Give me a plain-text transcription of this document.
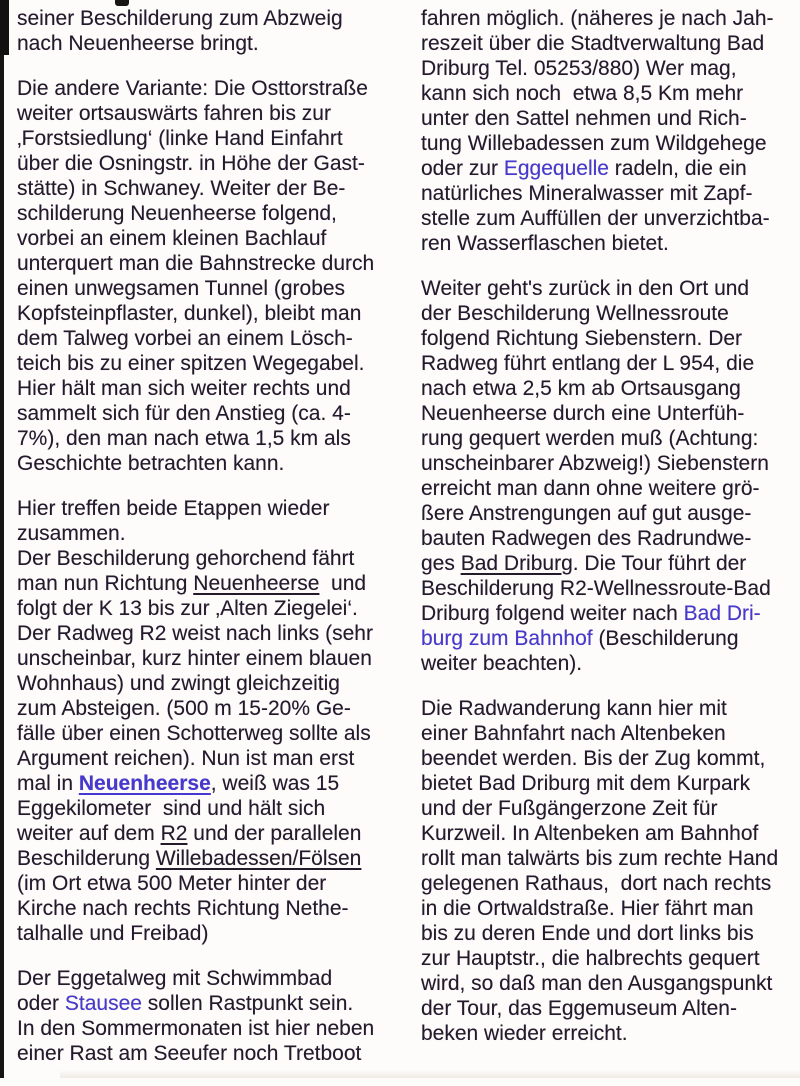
seiner Beschilderung zum Abzweig
nach Neuenheerse bringt.
Die andere Variante: Die Osttorstraße
weiter ortsauswärts fahren bis zur
‚Forstsiedlung‘ (linke Hand Einfahrt
über die Osningstr. in Höhe der Gast-
stätte) in Schwaney. Weiter der Be-
schilderung Neuenheerse folgend,
vorbei an einem kleinen Bachlauf
unterquert man die Bahnstrecke durch
einen unwegsamen Tunnel (grobes
Kopfsteinpflaster, dunkel), bleibt man
dem Talweg vorbei an einem Lösch-
teich bis zu einer spitzen Wegegabel.
Hier hält man sich weiter rechts und
sammelt sich für den Anstieg (ca. 4-
7%), den man nach etwa 1,5 km als
Geschichte betrachten kann.
Hier treffen beide Etappen wieder
zusammen.
Der Beschilderung gehorchend fährt
man nun Richtung Neuenheerse  und
folgt der K 13 bis zur ‚Alten Ziegelei‘.
Der Radweg R2 weist nach links (sehr
unscheinbar, kurz hinter einem blauen
Wohnhaus) und zwingt gleichzeitig
zum Absteigen. (500 m 15-20% Ge-
fälle über einen Schotterweg sollte als
Argument reichen). Nun ist man erst
mal in Neuenheerse, weiß was 15
Eggekilometer  sind und hält sich
weiter auf dem R2 und der parallelen
Beschilderung Willebadessen/Fölsen
(im Ort etwa 500 Meter hinter der
Kirche nach rechts Richtung Nethe-
talhalle und Freibad)
Der Eggetalweg mit Schwimmbad
oder Stausee sollen Rastpunkt sein.
In den Sommermonaten ist hier neben
einer Rast am Seeufer noch Tretboot
fahren möglich. (näheres je nach Jah-
reszeit über die Stadtverwaltung Bad
Driburg Tel. 05253/880) Wer mag,
kann sich noch  etwa 8,5 Km mehr
unter den Sattel nehmen und Rich-
tung Willebadessen zum Wildgehege
oder zur Eggequelle radeln, die ein
natürliches Mineralwasser mit Zapf-
stelle zum Auffüllen der unverzichtba-
ren Wasserflaschen bietet.
Weiter geht's zurück in den Ort und
der Beschilderung Wellnessroute
folgend Richtung Siebenstern. Der
Radweg führt entlang der L 954, die
nach etwa 2,5 km ab Ortsausgang
Neuenheerse durch eine Unterfüh-
rung gequert werden muß (Achtung:
unscheinbarer Abzweig!) Siebenstern
erreicht man dann ohne weitere grö-
ßere Anstrengungen auf gut ausge-
bauten Radwegen des Radrundwe-
ges Bad Driburg. Die Tour führt der
Beschilderung R2-Wellnessroute-Bad
Driburg folgend weiter nach Bad Dri-
burg zum Bahnhof (Beschilderung
weiter beachten).
Die Radwanderung kann hier mit
einer Bahnfahrt nach Altenbeken
beendet werden. Bis der Zug kommt,
bietet Bad Driburg mit dem Kurpark
und der Fußgängerzone Zeit für
Kurzweil. In Altenbeken am Bahnhof
rollt man talwärts bis zum rechte Hand
gelegenen Rathaus,  dort nach rechts
in die Ortwaldstraße. Hier fährt man
bis zu deren Ende und dort links bis
zur Hauptstr., die halbrechts gequert
wird, so daß man den Ausgangspunkt
der Tour, das Eggemuseum Alten-
beken wieder erreicht.
